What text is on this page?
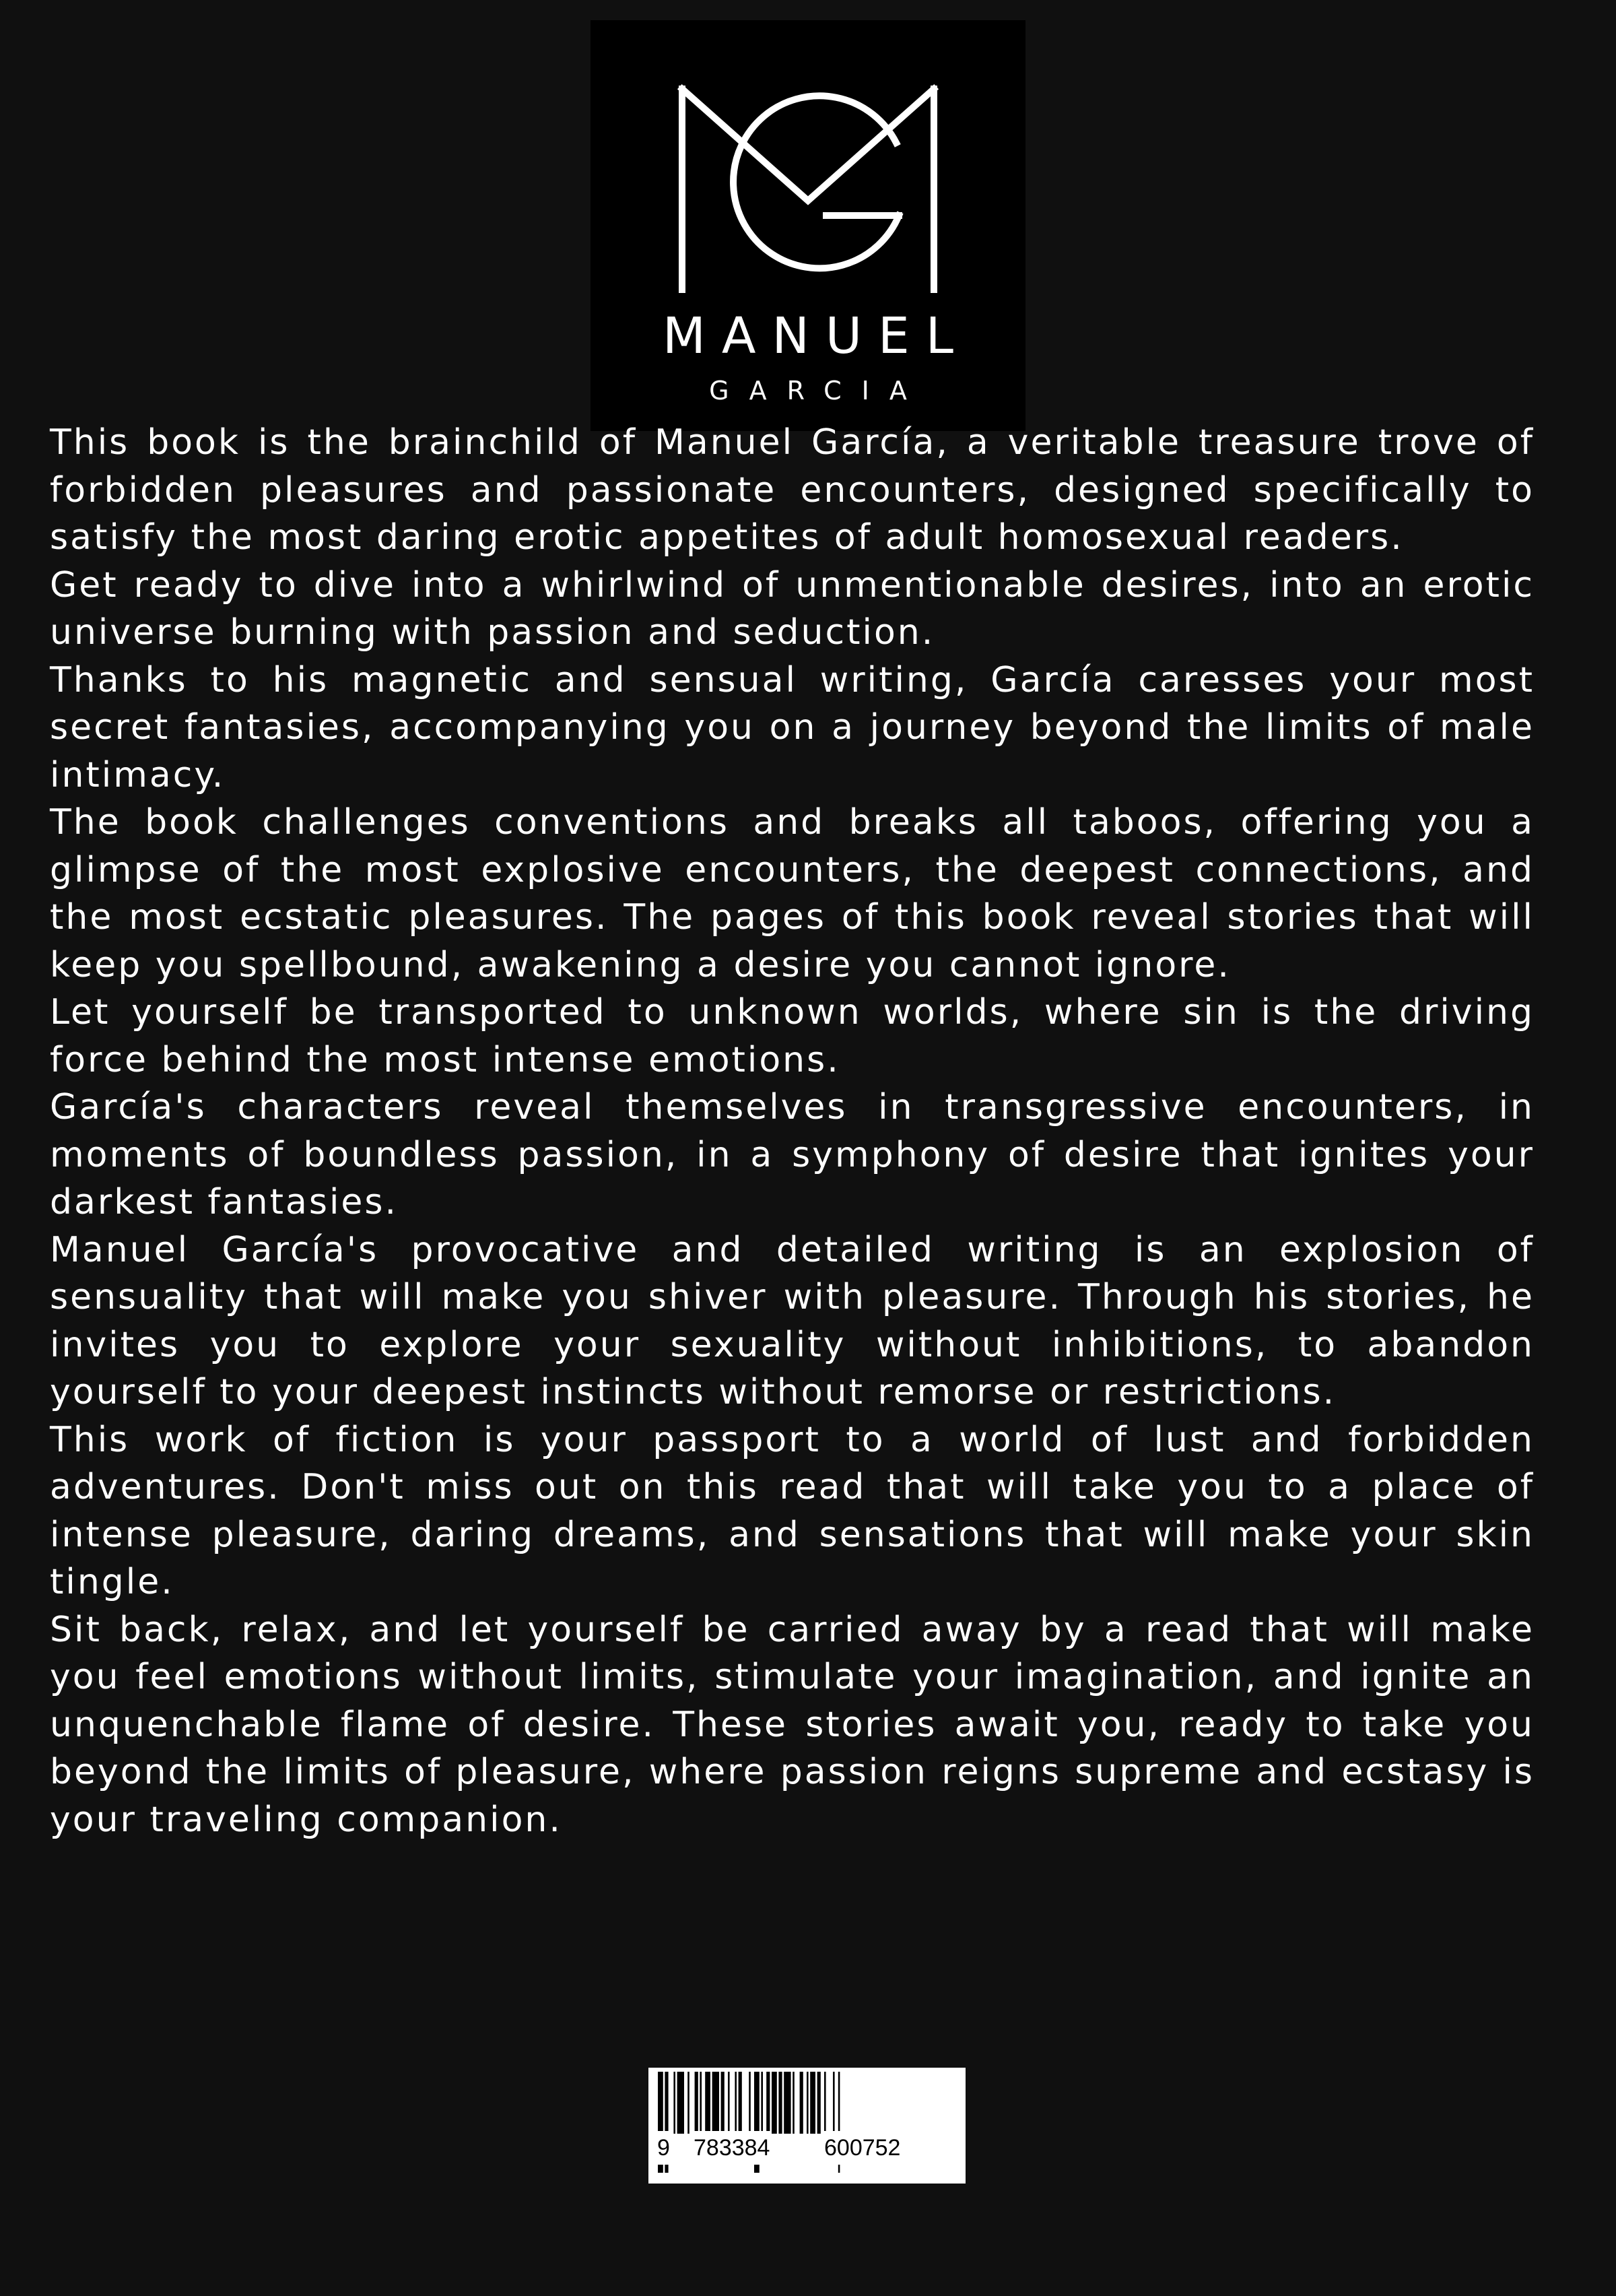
MANUEL
GARCIA

This book is the brainchild of Manuel García, a veritable treasure trove of forbidden pleasures and passionate encounters, designed specifically to satisfy the most daring erotic appetites of adult homosexual readers.

Get ready to dive into a whirlwind of unmentionable desires, into an erotic universe burning with passion and seduction.

Thanks to his magnetic and sensual writing, García caresses your most secret fantasies, accompanying you on a journey beyond the limits of male intimacy.

The book challenges conventions and breaks all taboos, offering you a glimpse of the most explosive encounters, the deepest connections, and the most ecstatic pleasures. The pages of this book reveal stories that will keep you spellbound, awakening a desire you cannot ignore.

Let yourself be transported to unknown worlds, where sin is the driving force behind the most intense emotions.

García's characters reveal themselves in transgressive encounters, in moments of boundless passion, in a symphony of desire that ignites your darkest fantasies.

Manuel García's provocative and detailed writing is an explosion of sensuality that will make you shiver with pleasure. Through his stories, he invites you to explore your sexuality without inhibitions, to abandon yourself to your deepest instincts without remorse or restrictions.

This work of fiction is your passport to a world of lust and forbidden adventures. Don't miss out on this read that will take you to a place of intense pleasure, daring dreams, and sensations that will make your skin tingle.

Sit back, relax, and let yourself be carried away by a read that will make you feel emotions without limits, stimulate your imagination, and ignite an unquenchable flame of desire. These stories await you, ready to take you beyond the limits of pleasure, where passion reigns supreme and ecstasy is your traveling companion.

9 783384 600752
